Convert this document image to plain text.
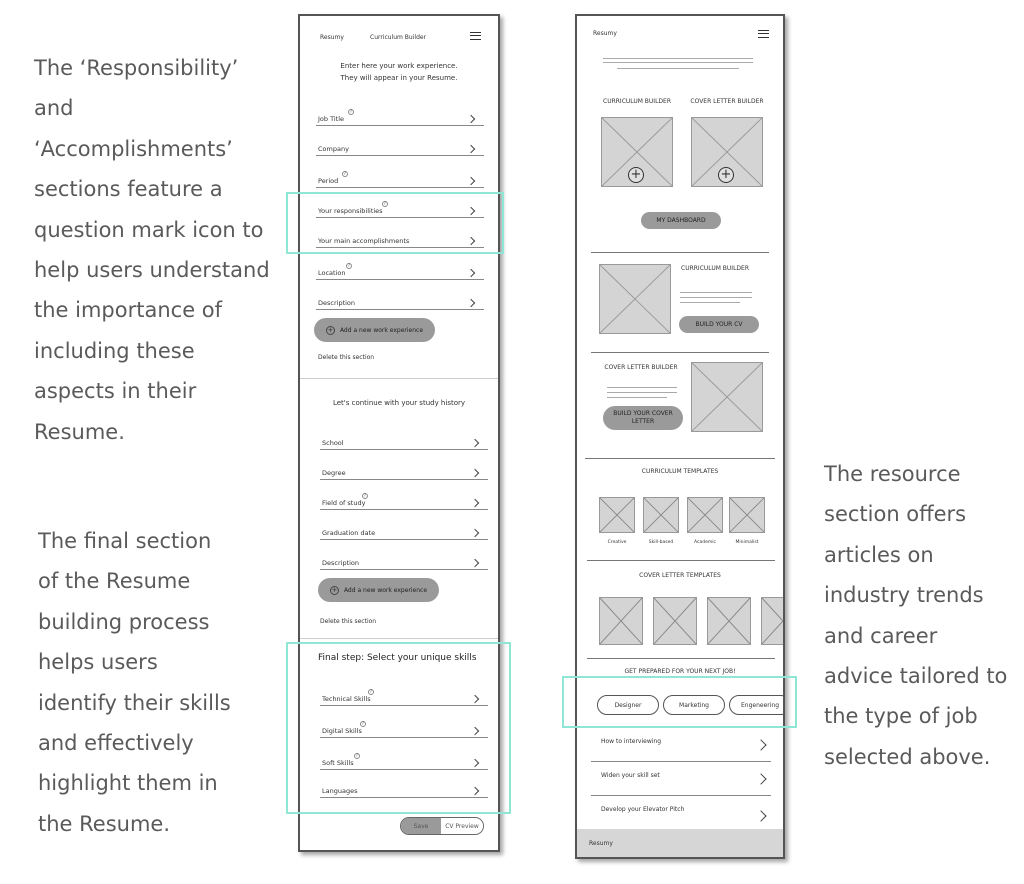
The ‘Responsibility’
and
‘Accomplishments’
sections feature a
question mark icon to
help users understand
the importance of
including these
aspects in their
Resume.
The final section
of the Resume
building process
helps users
identify their skills
and effectively
highlight them in
the Resume.
The resource
section offers
articles on
industry trends
and career
advice tailored to
the type of job
selected above.
Resumy	Curriculum Builder
Enter here your work experience.
They will appear in your Resume.
Job Title
?
Company
Period
?
Your responsibilities
?
Your main accomplishments
Location
?
Description
+ Add a new work experience
Delete this section
Let's continue with your study history
School
Degree
Field of study
?
Graduation date
Description
+ Add a new work experience
Delete this section
Final step: Select your unique skills
Technical Skills
?
Digital Skills
?
Soft Skills
?
Languages
Save	CV Preview
Resumy
CURRICULUM BUILDER	COVER LETTER BUILDER
+	+
MY DASHBOARD
CURRICULUM BUILDER
BUILD YOUR CV
COVER LETTER BUILDER
BUILD YOUR COVER LETTER
CURRICULUM TEMPLATES
Creative	Skill-based	Academic	Minimalist
COVER LETTER TEMPLATES
GET PREPARED FOR YOUR NEXT JOB!
Designer	Marketing	Engeneering
How to interviewing
Widen your skill set
Develop your Elevator Pitch
Resumy
